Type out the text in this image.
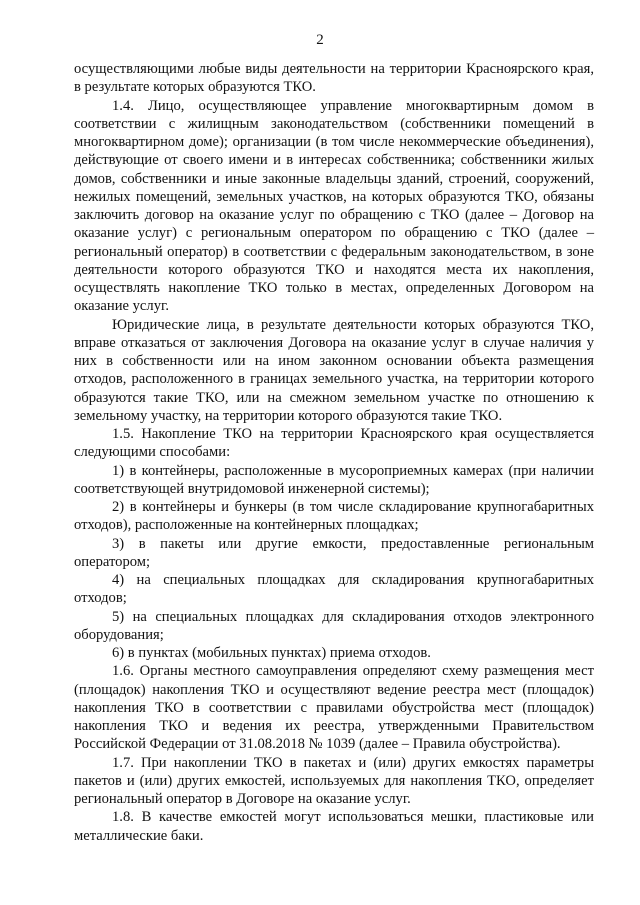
2

осуществляющими любые виды деятельности на территории Красноярского края, в результате которых образуются ТКО.

1.4. Лицо, осуществляющее управление многоквартирным домом в соответствии с жилищным законодательством (собственники помещений в многоквартирном доме); организации (в том числе некоммерческие объединения), действующие от своего имени и в интересах собственника; собственники жилых домов, собственники и иные законные владельцы зданий, строений, сооружений, нежилых помещений, земельных участков, на которых образуются ТКО, обязаны заключить договор на оказание услуг по обращению с ТКО (далее – Договор на оказание услуг) с региональным оператором по обращению с ТКО (далее – региональный оператор) в соответствии с федеральным законодательством, в зоне деятельности которого образуются ТКО и находятся места их накопления, осуществлять накопление ТКО только в местах, определенных Договором на оказание услуг.

Юридические лица, в результате деятельности которых образуются ТКО, вправе отказаться от заключения Договора на оказание услуг в случае наличия у них в собственности или на ином законном основании объекта размещения отходов, расположенного в границах земельного участка, на территории которого образуются такие ТКО, или на смежном земельном участке по отношению к земельному участку, на территории которого образуются такие ТКО.

1.5. Накопление ТКО на территории Красноярского края осуществляется следующими способами:

1) в контейнеры, расположенные в мусороприемных камерах (при наличии соответствующей внутридомовой инженерной системы);

2) в контейнеры и бункеры (в том числе складирование крупногабаритных отходов), расположенные на контейнерных площадках;

3) в пакеты или другие емкости, предоставленные региональным оператором;

4) на специальных площадках для складирования крупногабаритных отходов;

5) на специальных площадках для складирования отходов электронного оборудования;

6) в пунктах (мобильных пунктах) приема отходов.

1.6. Органы местного самоуправления определяют схему размещения мест (площадок) накопления ТКО и осуществляют ведение реестра мест (площадок) накопления ТКО в соответствии с правилами обустройства мест (площадок) накопления ТКО и ведения их реестра, утвержденными Правительством Российской Федерации от 31.08.2018 № 1039 (далее – Правила обустройства).

1.7. При накоплении ТКО в пакетах и (или) других емкостях параметры пакетов и (или) других емкостей, используемых для накопления ТКО, определяет региональный оператор в Договоре на оказание услуг.

1.8. В качестве емкостей могут использоваться мешки, пластиковые или металлические баки.
